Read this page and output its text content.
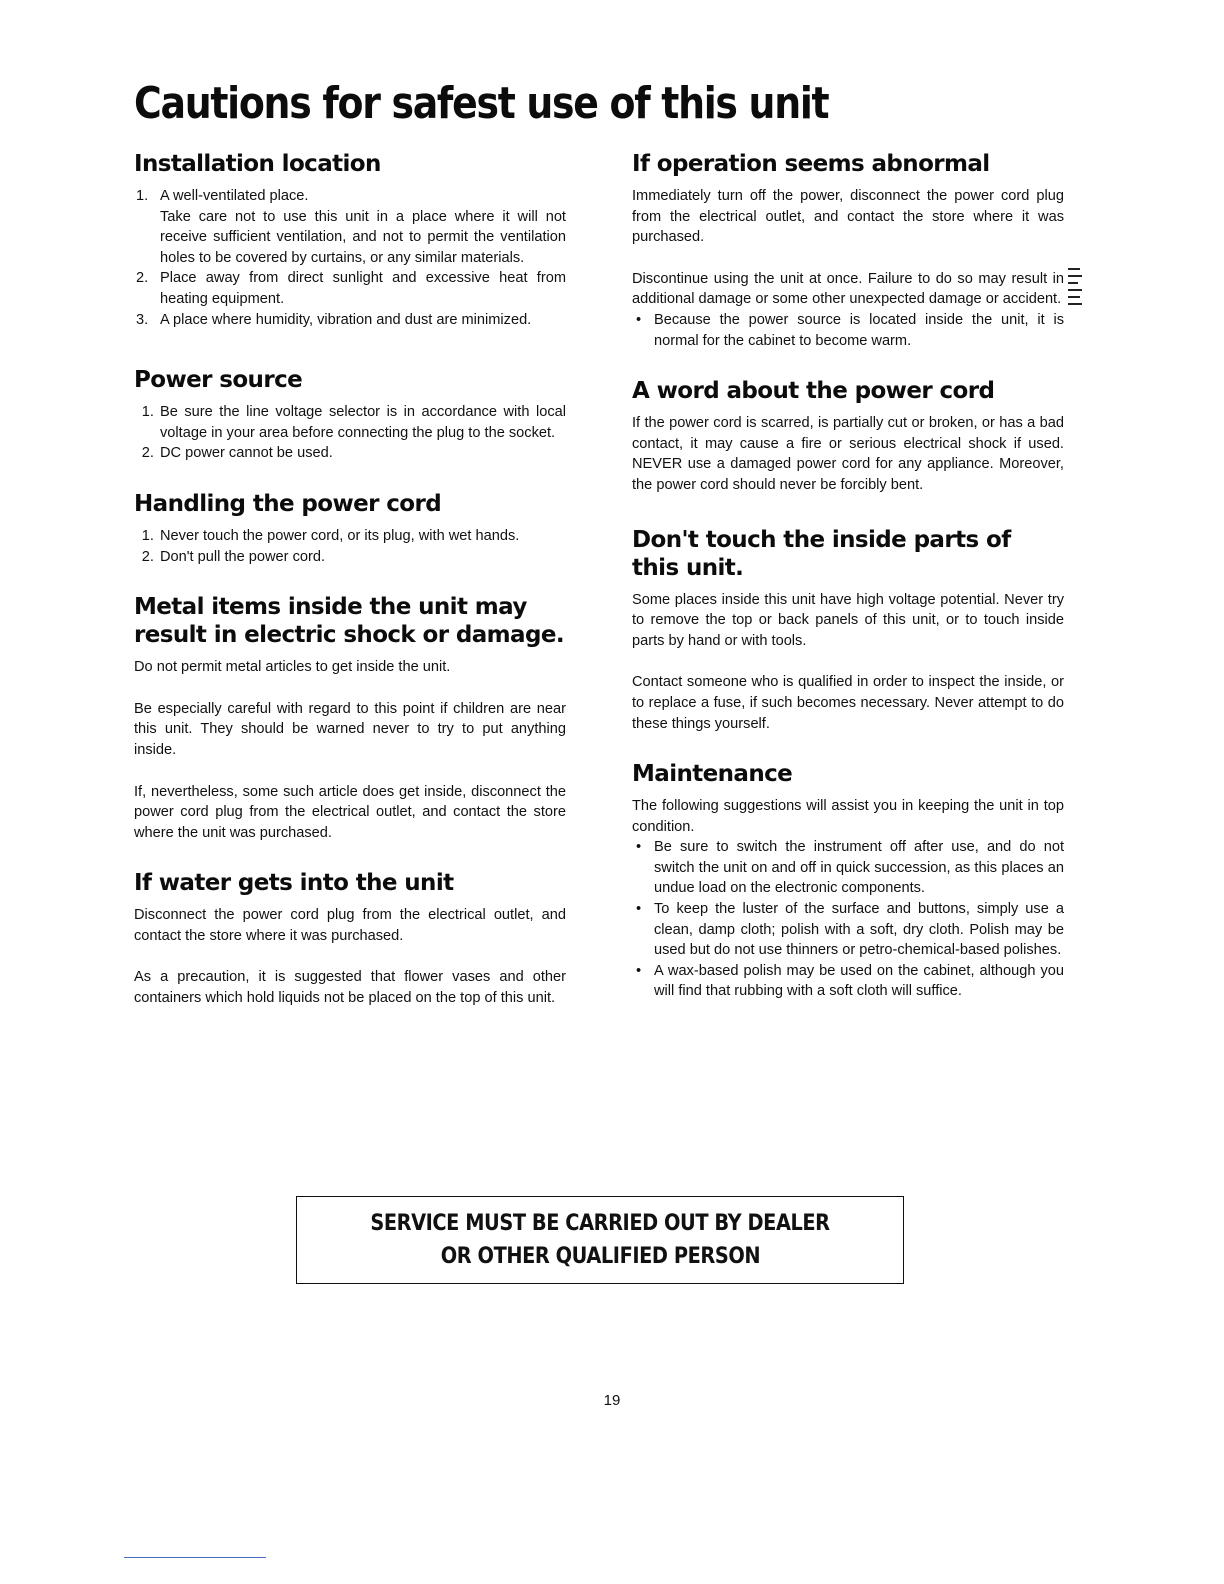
Cautions for safest use of this unit
Installation location
1. A well-ventilated place.
Take care not to use this unit in a place where it will not receive sufficient ventilation, and not to permit the ventilation holes to be covered by curtains, or any similar materials.
2. Place away from direct sunlight and excessive heat from heating equipment.
3. A place where humidity, vibration and dust are minimized.
Power source
1. Be sure the line voltage selector is in accordance with local voltage in your area before connecting the plug to the socket.
2. DC power cannot be used.
Handling the power cord
1. Never touch the power cord, or its plug, with wet hands.
2. Don't pull the power cord.
Metal items inside the unit may result in electric shock or damage.

Do not permit metal articles to get inside the unit.

Be especially careful with regard to this point if children are near this unit. They should be warned never to try to put anything inside.

If, nevertheless, some such article does get inside, disconnect the power cord plug from the electrical outlet, and contact the store where the unit was purchased.

If water gets into the unit

Disconnect the power cord plug from the electrical outlet, and contact the store where it was purchased.

As a precaution, it is suggested that flower vases and other containers which hold liquids not be placed on the top of this unit.

If operation seems abnormal

Immediately turn off the power, disconnect the power cord plug from the electrical outlet, and contact the store where it was purchased.

Discontinue using the unit at once. Failure to do so may result in additional damage or some other unexpected damage or accident.

• Because the power source is located inside the unit, it is normal for the cabinet to become warm.
A word about the power cord

If the power cord is scarred, is partially cut or broken, or has a bad contact, it may cause a fire or serious electrical shock if used. NEVER use a damaged power cord for any appliance. Moreover, the power cord should never be forcibly bent.

Don't touch the inside parts of this unit.

Some places inside this unit have high voltage potential. Never try to remove the top or back panels of this unit, or to touch inside parts by hand or with tools.

Contact someone who is qualified in order to inspect the inside, or to replace a fuse, if such becomes necessary. Never attempt to do these things yourself.

Maintenance

The following suggestions will assist you in keeping the unit in top condition.

• Be sure to switch the instrument off after use, and do not switch the unit on and off in quick succession, as this places an undue load on the electronic components.
• To keep the luster of the surface and buttons, simply use a clean, damp cloth; polish with a soft, dry cloth. Polish may be used but do not use thinners or petro-chemical-based polishes.
• A wax-based polish may be used on the cabinet, although you will find that rubbing with a soft cloth will suffice.
SERVICE MUST BE CARRIED OUT BY DEALER
OR OTHER QUALIFIED PERSON
19
